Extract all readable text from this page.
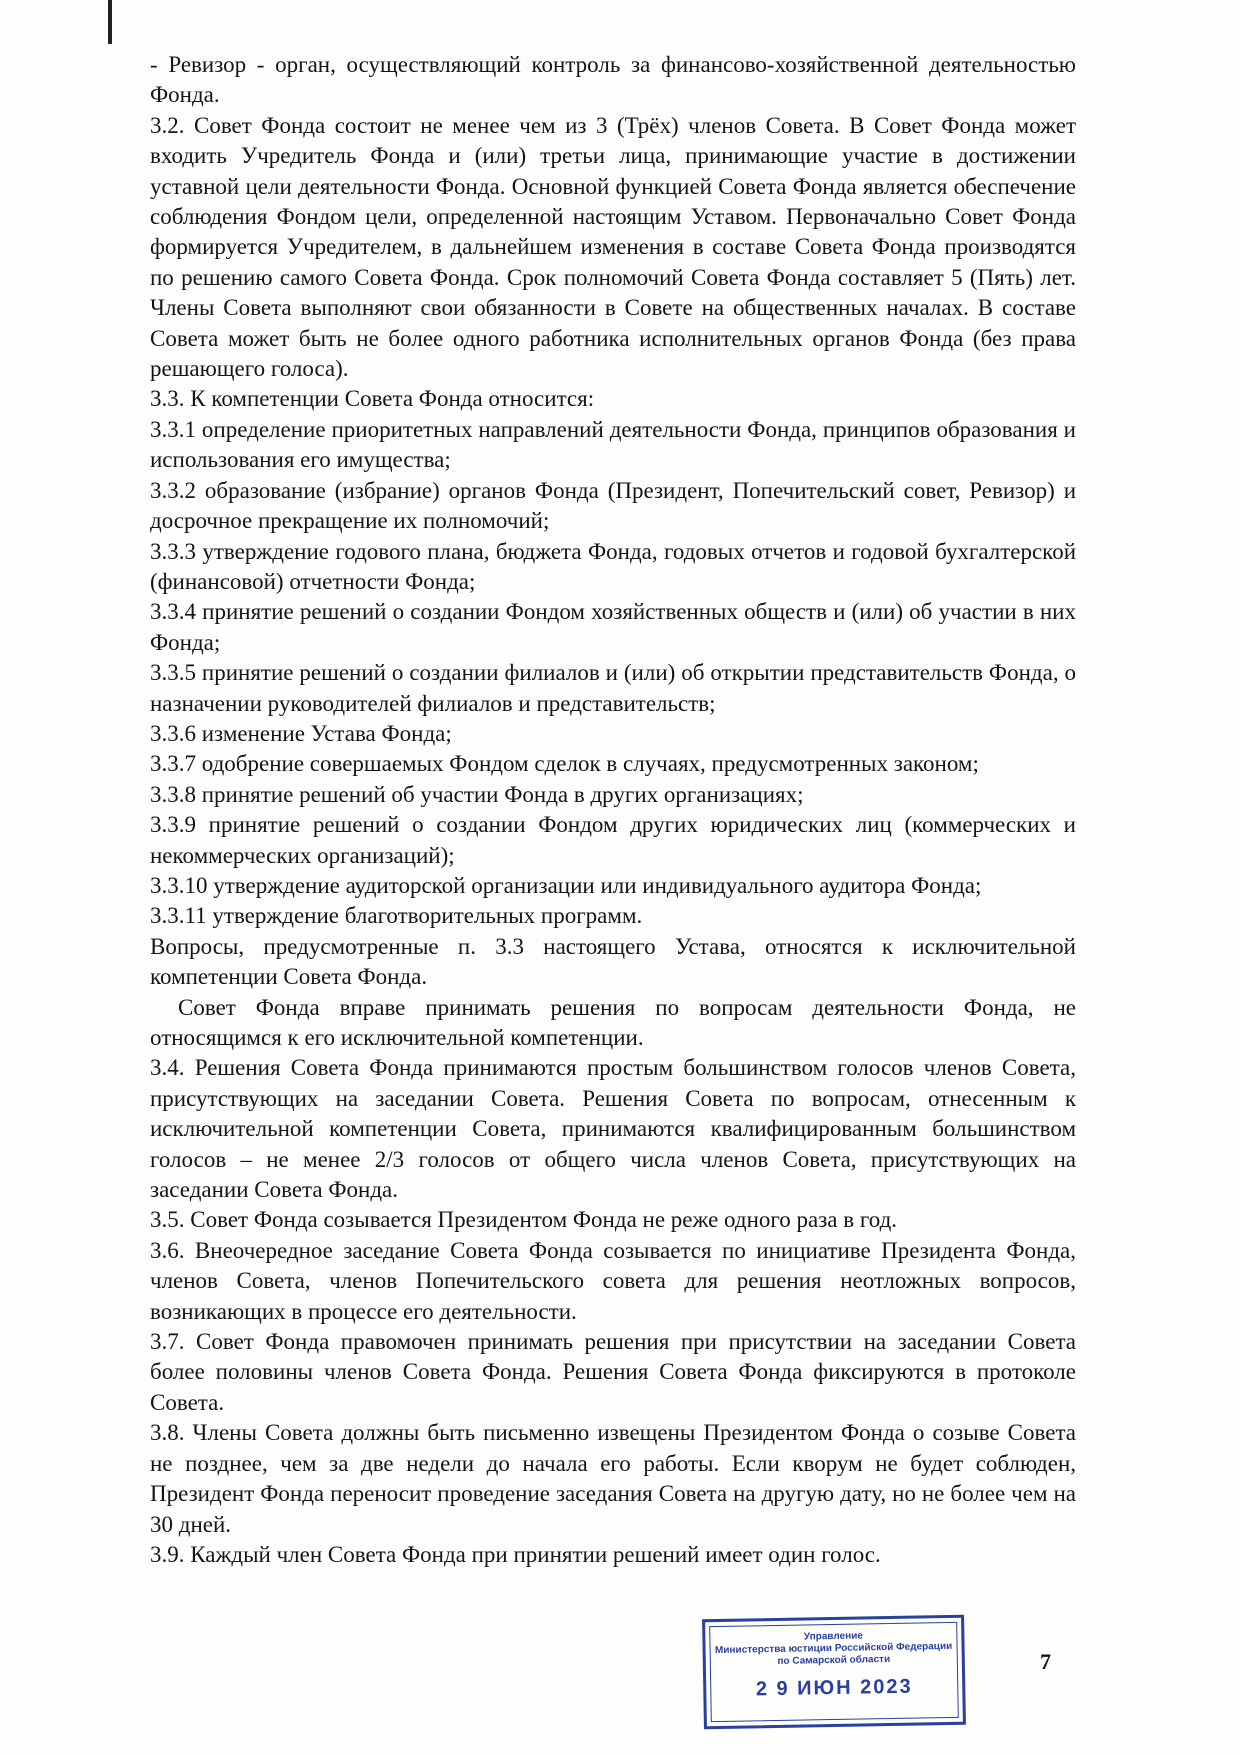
- Ревизор - орган, осуществляющий контроль за финансово-хозяйственной деятельностью Фонда.

3.2. Совет Фонда состоит не менее чем из 3 (Трёх) членов Совета. В Совет Фонда может входить Учредитель Фонда и (или) третьи лица, принимающие участие в достижении уставной цели деятельности Фонда. Основной функцией Совета Фонда является обеспечение соблюдения Фондом цели, определенной настоящим Уставом. Первоначально Совет Фонда формируется Учредителем, в дальнейшем изменения в составе Совета Фонда производятся по решению самого Совета Фонда. Срок полномочий Совета Фонда составляет 5 (Пять) лет. Члены Совета выполняют свои обязанности в Совете на общественных началах. В составе Совета может быть не более одного работника исполнительных органов Фонда (без права решающего голоса).

3.3. К компетенции Совета Фонда относится:

3.3.1 определение приоритетных направлений деятельности Фонда, принципов образования и использования его имущества;

3.3.2 образование (избрание) органов Фонда (Президент, Попечительский совет, Ревизор) и досрочное прекращение их полномочий;

3.3.3 утверждение годового плана, бюджета Фонда, годовых отчетов и годовой бухгалтерской (финансовой) отчетности Фонда;

3.3.4 принятие решений о создании Фондом хозяйственных обществ и (или) об участии в них Фонда;

3.3.5 принятие решений о создании филиалов и (или) об открытии представительств Фонда, о назначении руководителей филиалов и представительств;

3.3.6 изменение Устава Фонда;

3.3.7 одобрение совершаемых Фондом сделок в случаях, предусмотренных законом;

3.3.8 принятие решений об участии Фонда в других организациях;

3.3.9 принятие решений о создании Фондом других юридических лиц (коммерческих и некоммерческих организаций);

3.3.10 утверждение аудиторской организации или индивидуального аудитора Фонда;

3.3.11 утверждение благотворительных программ.

Вопросы, предусмотренные п. 3.3 настоящего Устава, относятся к исключительной компетенции Совета Фонда.

Совет Фонда вправе принимать решения по вопросам деятельности Фонда, не относящимся к его исключительной компетенции.

3.4. Решения Совета Фонда принимаются простым большинством голосов членов Совета, присутствующих на заседании Совета. Решения Совета по вопросам, отнесенным к исключительной компетенции Совета, принимаются квалифицированным большинством голосов – не менее 2/3 голосов от общего числа членов Совета, присутствующих на заседании Совета Фонда.

3.5. Совет Фонда созывается Президентом Фонда не реже одного раза в год.

3.6. Внеочередное заседание Совета Фонда созывается по инициативе Президента Фонда, членов Совета, членов Попечительского совета для решения неотложных вопросов, возникающих в процессе его деятельности.

3.7. Совет Фонда правомочен принимать решения при присутствии на заседании Совета более половины членов Совета Фонда. Решения Совета Фонда фиксируются в протоколе Совета.

3.8. Члены Совета должны быть письменно извещены Президентом Фонда о созыве Совета не позднее, чем за две недели до начала его работы. Если кворум не будет соблюден, Президент Фонда переносит проведение заседания Совета на другую дату, но не более чем на 30 дней.

3.9. Каждый член Совета Фонда при принятии решений имеет один голос.

Управление
Министерства юстиции Российской Федерации
по Самарской области
2 9 ИЮН 2023
7
